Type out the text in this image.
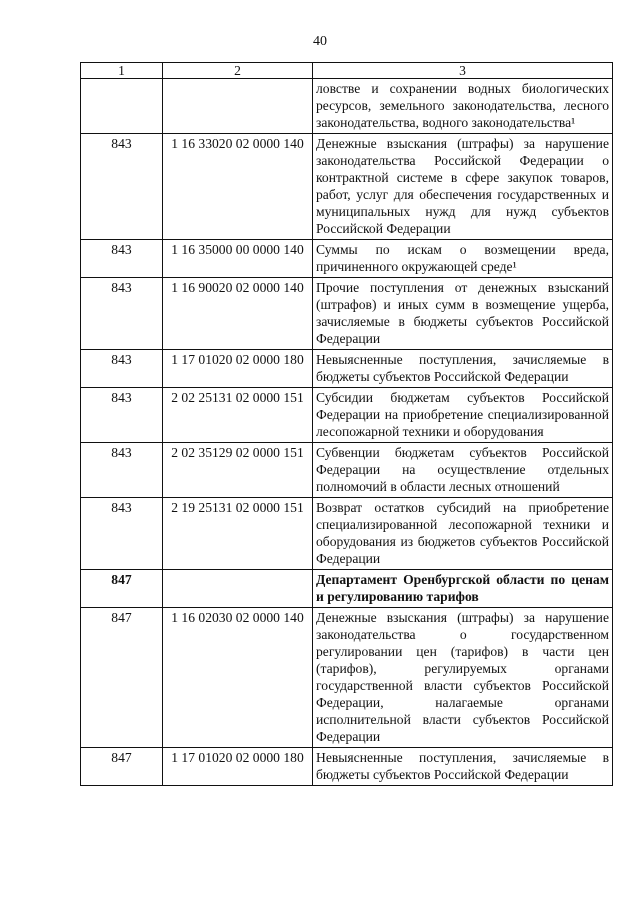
40
1	2	3
		ловстве и сохранении водных биологических ресурсов, земельного законодательства, лесного законодательства, водного законодательства¹
843	1 16 33020 02 0000 140	Денежные взыскания (штрафы) за нарушение законодательства Российской Федерации о контрактной системе в сфере закупок товаров, работ, услуг для обеспечения государственных и муниципальных нужд для нужд субъектов Российской Федерации
843	1 16 35000 00 0000 140	Суммы по искам о возмещении вреда, причиненного окружающей среде¹
843	1 16 90020 02 0000 140	Прочие поступления от денежных взысканий (штрафов) и иных сумм в возмещение ущерба, зачисляемые в бюджеты субъектов Российской Федерации
843	1 17 01020 02 0000 180	Невыясненные поступления, зачисляемые в бюджеты субъектов Российской Федерации
843	2 02 25131 02 0000 151	Субсидии бюджетам субъектов Российской Федерации на приобретение специализированной лесопожарной техники и оборудования
843	2 02 35129 02 0000 151	Субвенции бюджетам субъектов Российской Федерации на осуществление отдельных полномочий в области лесных отношений
843	2 19 25131 02 0000 151	Возврат остатков субсидий на приобретение специализированной лесопожарной техники и оборудования из бюджетов субъектов Российской Федерации
847		Департамент Оренбургской области по ценам и регулированию тарифов
847	1 16 02030 02 0000 140	Денежные взыскания (штрафы) за нарушение законодательства о государственном регулировании цен (тарифов) в части цен (тарифов), регулируемых органами государственной власти субъектов Российской Федерации, налагаемые органами исполнительной власти субъектов Российской Федерации
847	1 17 01020 02 0000 180	Невыясненные поступления, зачисляемые в бюджеты субъектов Российской Федерации
